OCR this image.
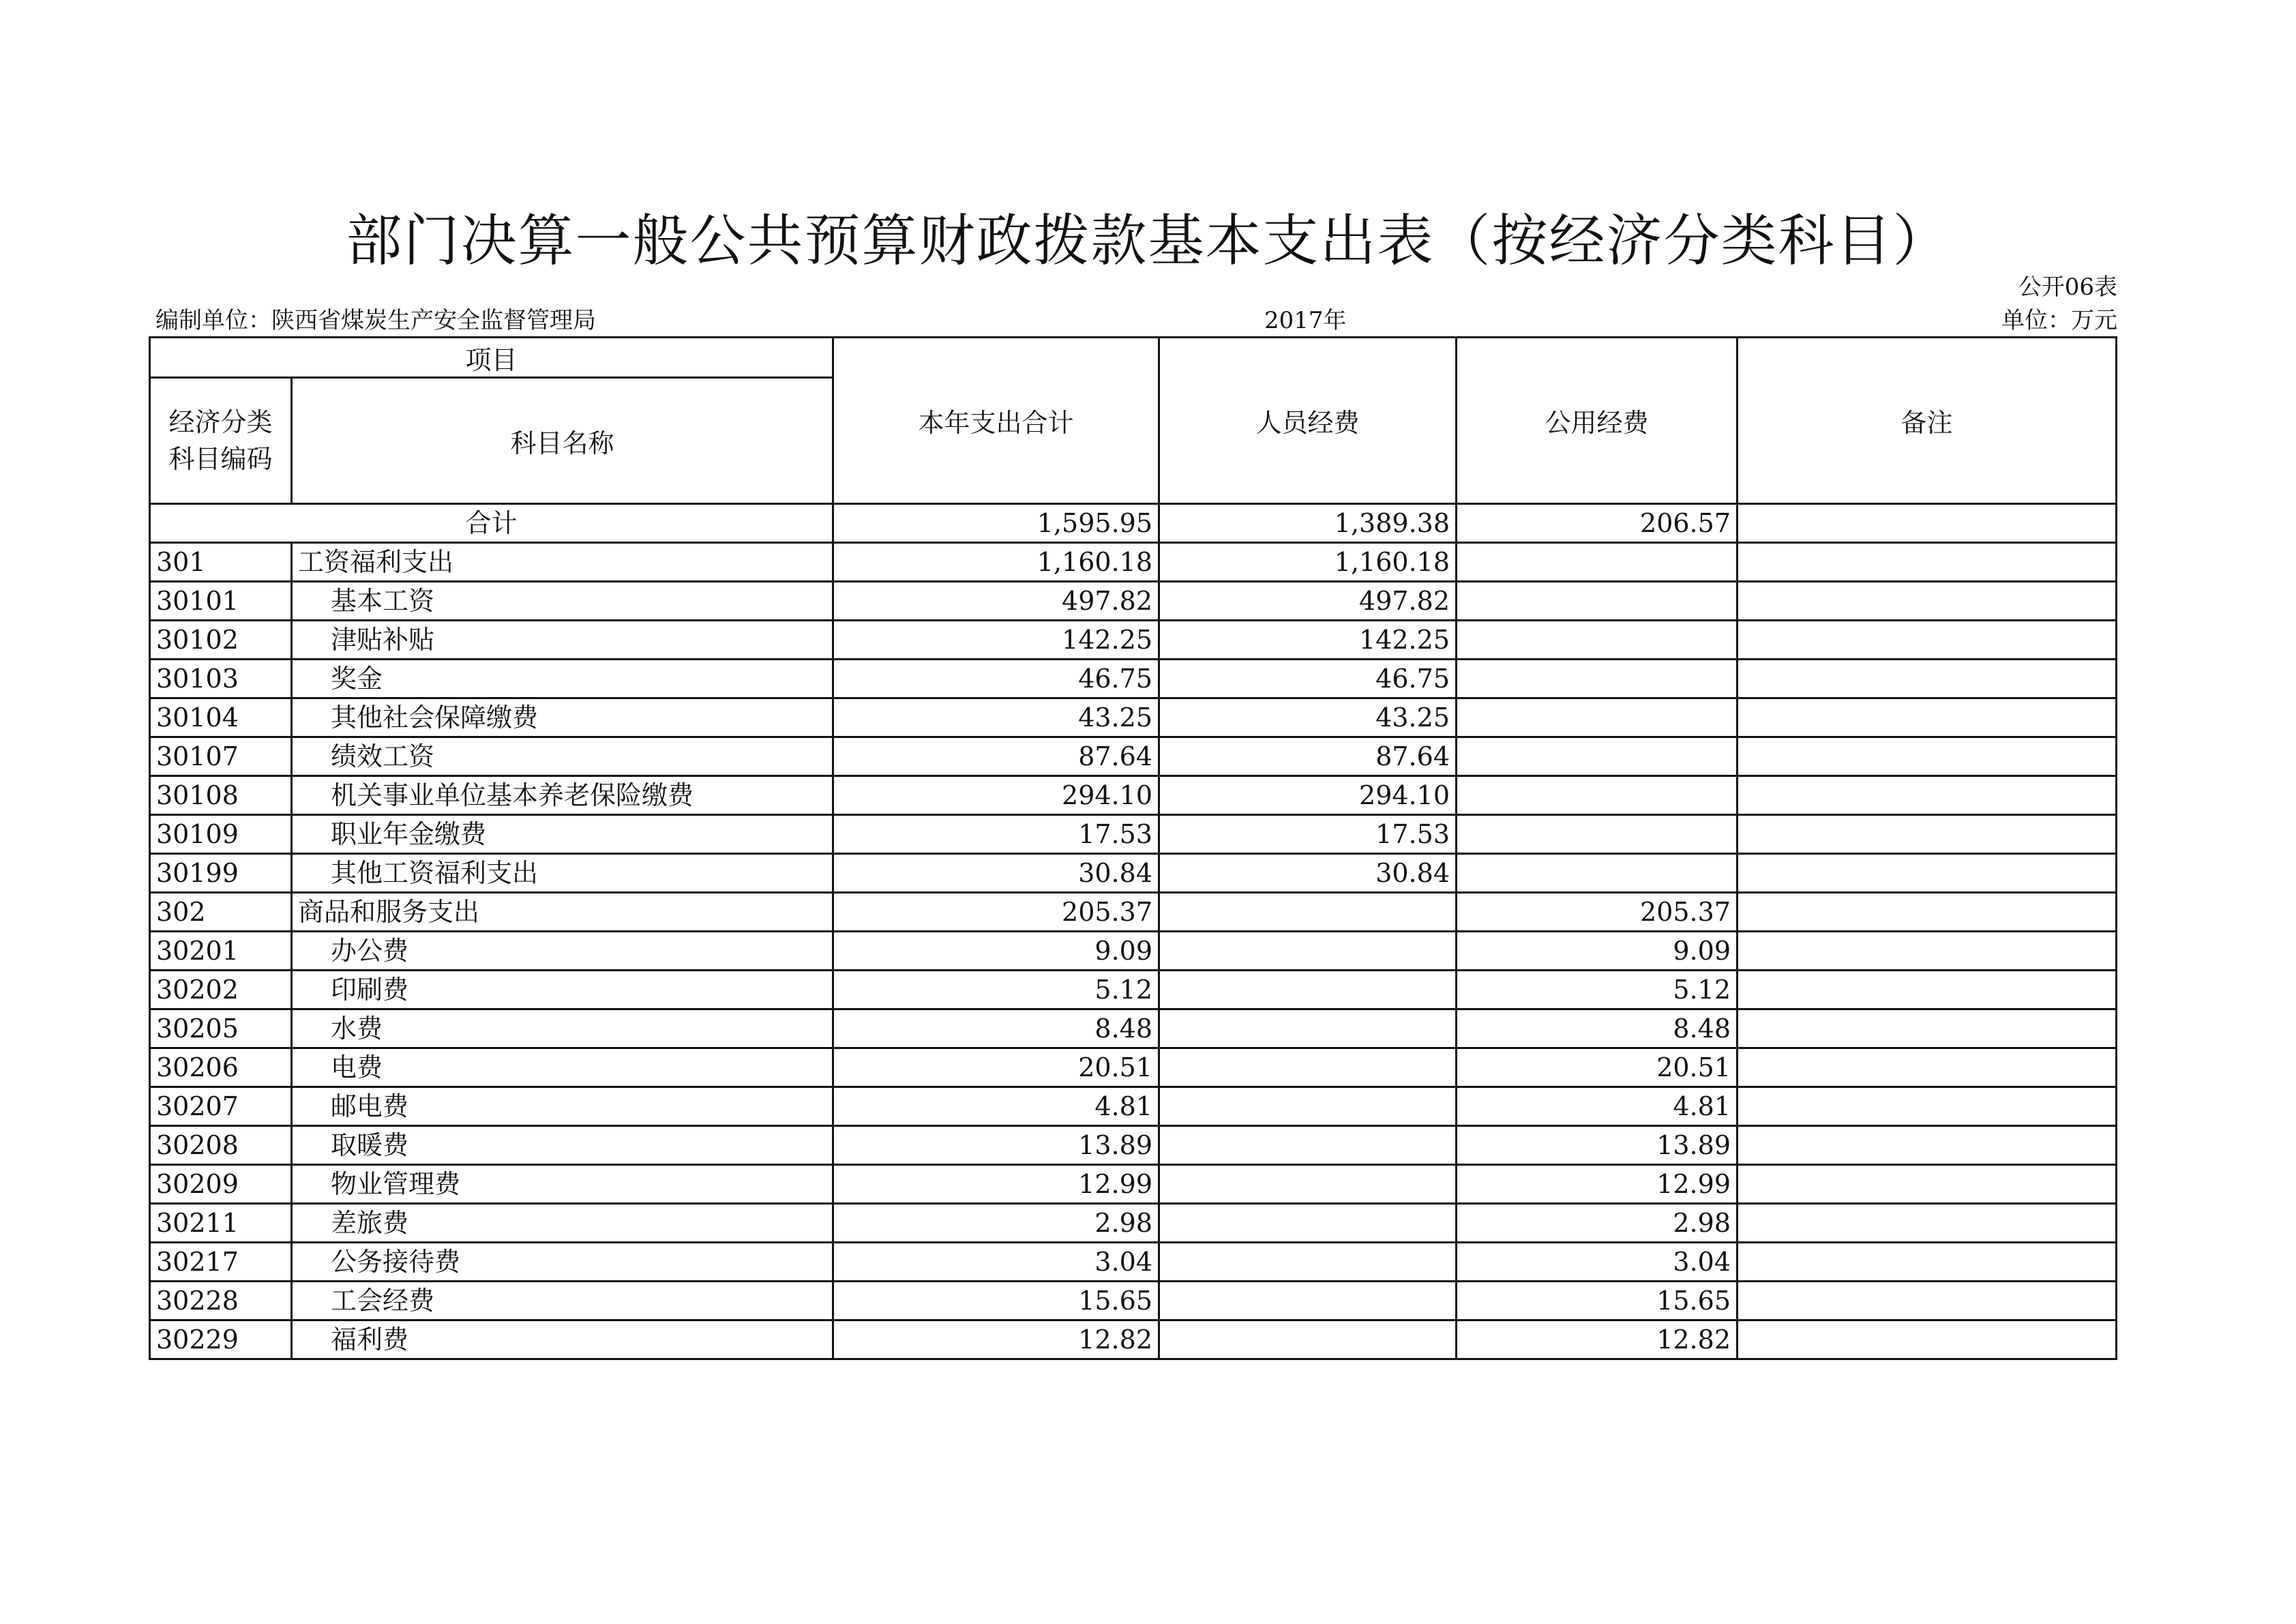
部门决算一般公共预算财政拨款基本支出表（按经济分类科目）
公开06表
编制单位：陕西省煤炭生产安全监督管理局	2017年	单位：万元
项目		本年支出合计	人员经费	公用经费	备注
经济分类科目编码	科目名称				
合计		1,595.95	1,389.38	206.57	
301	工资福利支出	1,160.18	1,160.18		
30101	基本工资	497.82	497.82		
30102	津贴补贴	142.25	142.25		
30103	奖金	46.75	46.75		
30104	其他社会保障缴费	43.25	43.25		
30107	绩效工资	87.64	87.64		
30108	机关事业单位基本养老保险缴费	294.10	294.10		
30109	职业年金缴费	17.53	17.53		
30199	其他工资福利支出	30.84	30.84		
302	商品和服务支出	205.37		205.37	
30201	办公费	9.09		9.09	
30202	印刷费	5.12		5.12	
30205	水费	8.48		8.48	
30206	电费	20.51		20.51	
30207	邮电费	4.81		4.81	
30208	取暖费	13.89		13.89	
30209	物业管理费	12.99		12.99	
30211	差旅费	2.98		2.98	
30217	公务接待费	3.04		3.04	
30228	工会经费	15.65		15.65	
30229	福利费	12.82		12.82	
